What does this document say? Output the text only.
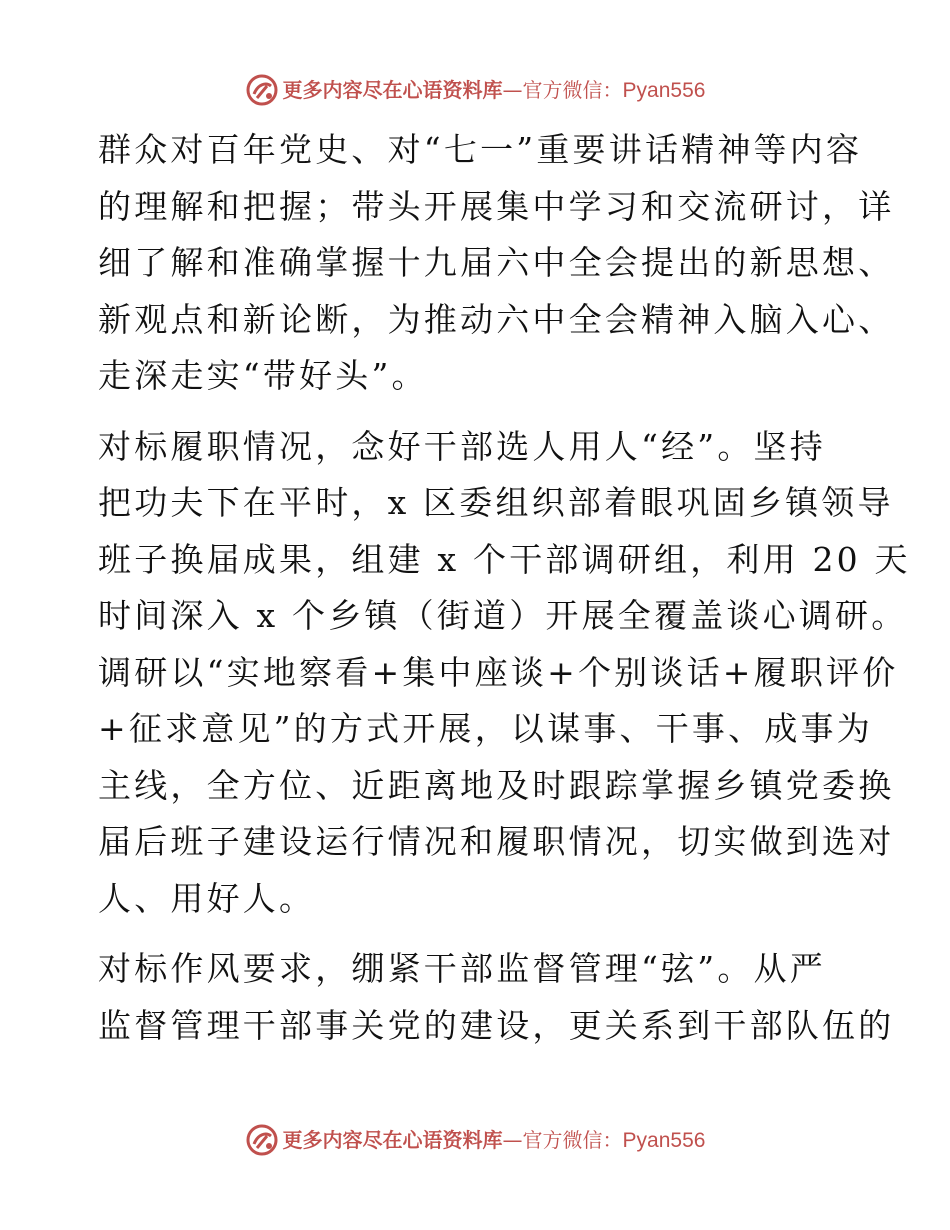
更多内容尽在心语资料库—官方微信：Pyan556
群众对百年党史、对“七一”重要讲话精神等内容
的理解和把握；带头开展集中学习和交流研讨，详
细了解和准确掌握十九届六中全会提出的新思想、
新观点和新论断，为推动六中全会精神入脑入心、
走深走实“带好头”。
对标履职情况，念好干部选人用人“经”。坚持
把功夫下在平时，x 区委组织部着眼巩固乡镇领导
班子换届成果，组建 x 个干部调研组，利用 20 天
时间深入 x 个乡镇（街道）开展全覆盖谈心调研。
调研以“实地察看+集中座谈+个别谈话+履职评价
+征求意见”的方式开展，以谋事、干事、成事为
主线，全方位、近距离地及时跟踪掌握乡镇党委换
届后班子建设运行情况和履职情况，切实做到选对
人、用好人。
对标作风要求，绷紧干部监督管理“弦”。从严
监督管理干部事关党的建设，更关系到干部队伍的
更多内容尽在心语资料库—官方微信：Pyan556
